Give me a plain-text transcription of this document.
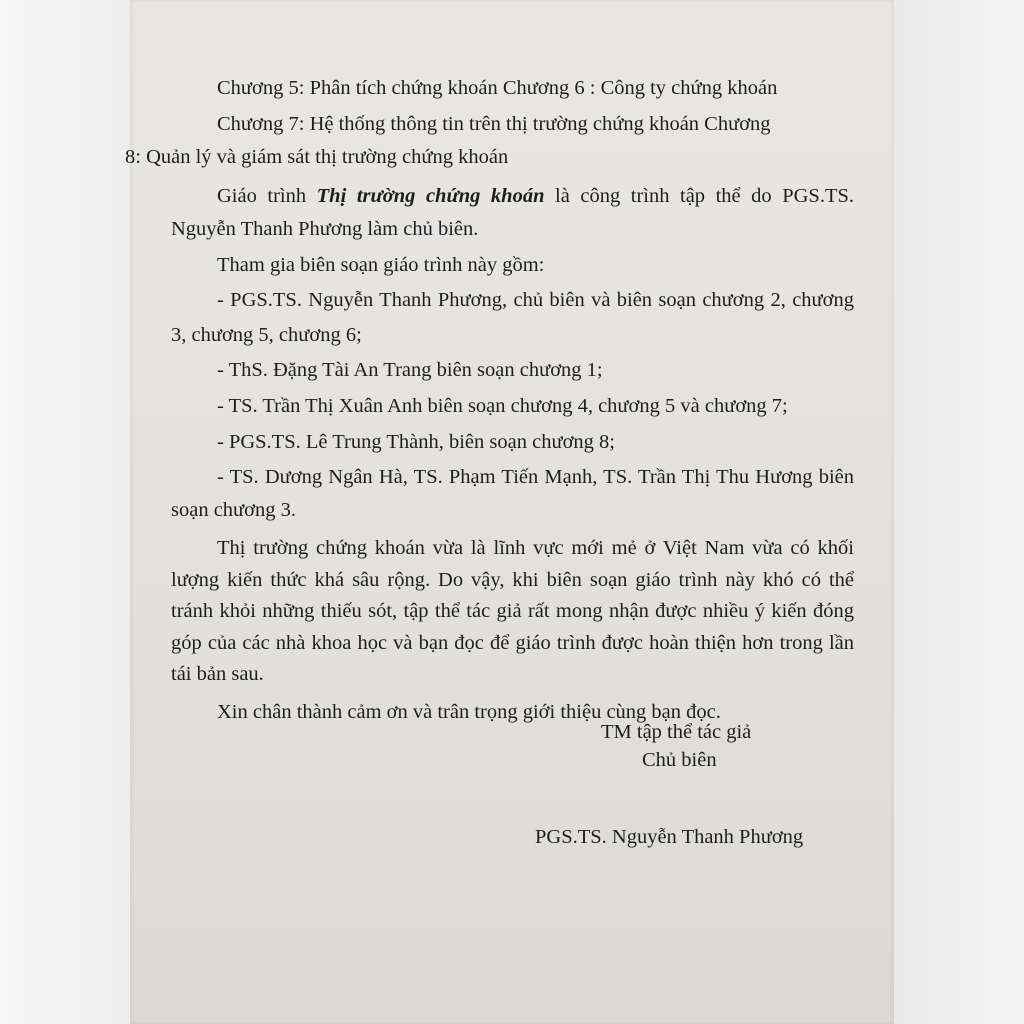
Chương 5: Phân tích chứng khoán Chương 6 : Công ty chứng khoán

Chương 7: Hệ thống thông tin trên thị trường chứng khoán Chương
8: Quản lý và giám sát thị trường chứng khoán

Giáo trình Thị trường chứng khoán là công trình tập thể do PGS.TS. Nguyễn Thanh Phương làm chủ biên.

Tham gia biên soạn giáo trình này gồm:

- PGS.TS. Nguyễn Thanh Phương, chủ biên và biên soạn chương 2, chương 3, chương 5, chương 6;

- ThS. Đặng Tài An Trang biên soạn chương 1;

- TS. Trần Thị Xuân Anh biên soạn chương 4, chương 5 và chương 7;

- PGS.TS. Lê Trung Thành, biên soạn chương 8;

- TS. Dương Ngân Hà, TS. Phạm Tiến Mạnh, TS. Trần Thị Thu Hương biên soạn chương 3.

Thị trường chứng khoán vừa là lĩnh vực mới mẻ ở Việt Nam vừa có khối lượng kiến thức khá sâu rộng. Do vậy, khi biên soạn giáo trình này khó có thể tránh khỏi những thiếu sót, tập thể tác giả rất mong nhận được nhiều ý kiến đóng góp của các nhà khoa học và bạn đọc để giáo trình được hoàn thiện hơn trong lần tái bản sau.

Xin chân thành cảm ơn và trân trọng giới thiệu cùng bạn đọc.

TM tập thể tác giả
Chủ biên
PGS.TS. Nguyễn Thanh Phương
